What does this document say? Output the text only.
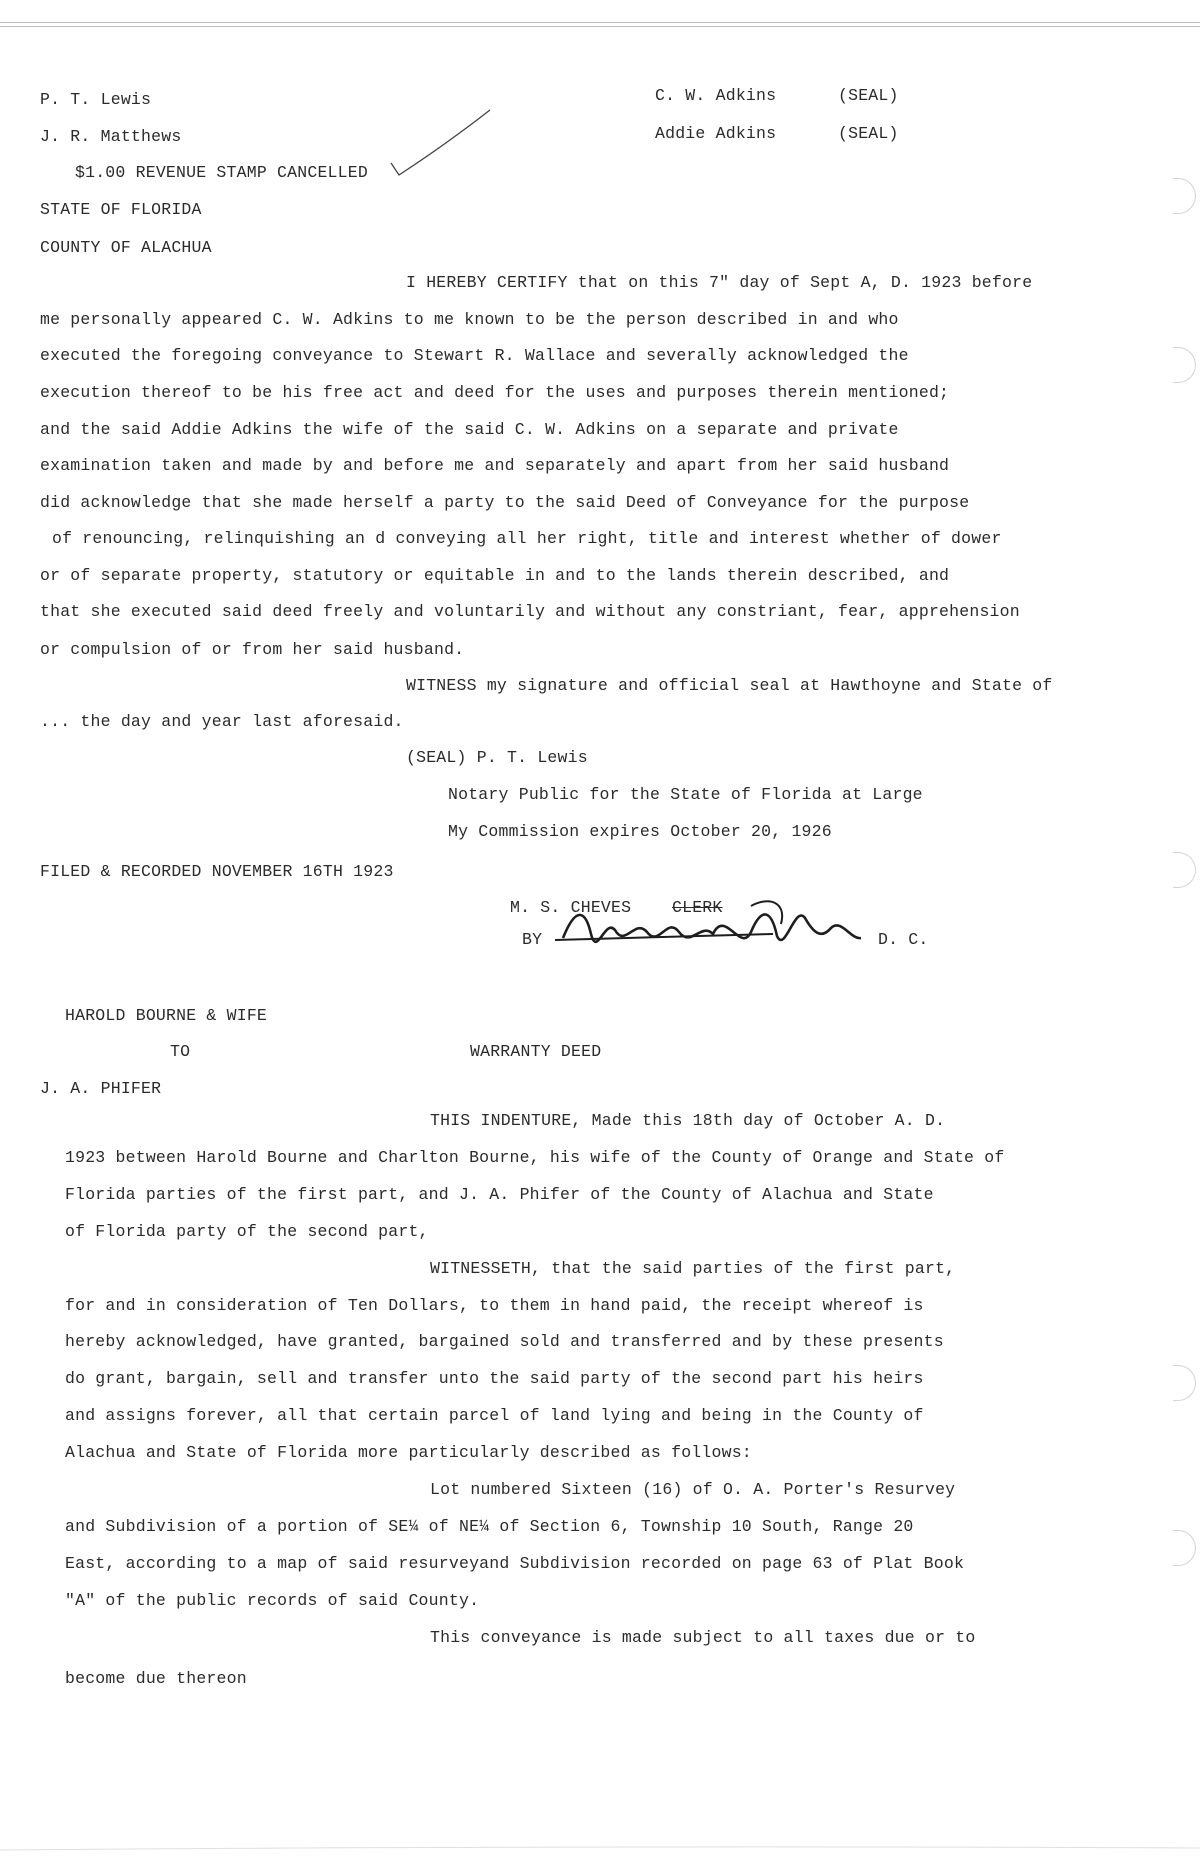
P. T. Lewis
J. R. Matthews
C. W. Adkins	(SEAL)
Addie Adkins	(SEAL)
$1.00 REVENUE STAMP CANCELLED
STATE OF FLORIDA
COUNTY OF ALACHUA
I HEREBY CERTIFY that on this 7" day of Sept A, D. 1923 before
me personally appeared C. W. Adkins to me known to be the person described in and who
executed the foregoing conveyance to Stewart R. Wallace and severally acknowledged the
execution thereof to be his free act and deed for the uses and purposes therein mentioned;
and the said Addie Adkins the wife of the said C. W. Adkins on a separate and private
examination taken and made by and before me and separately and apart from her said husband
did acknowledge that she made herself a party to the said Deed of Conveyance for the purpose
of renouncing, relinquishing an d conveying all her right, title and interest whether of dower
or of separate property, statutory or equitable in and to the lands therein described, and
that she executed said deed freely and voluntarily and without any constriant, fear, apprehension
or compulsion of or from her said husband.
WITNESS my signature and official seal at Hawthoyne and State of
... the day and year last aforesaid.
(SEAL) P. T. Lewis
Notary Public for the State of Florida at Large
My Commission expires October 20, 1926
FILED & RECORDED NOVEMBER 16TH 1923
M. S. CHEVES CLERK
BY	D. C.
HAROLD BOURNE & WIFE
TO
J. A. PHIFER
WARRANTY DEED
THIS INDENTURE, Made this 18th day of October A. D.
1923 between Harold Bourne and Charlton Bourne, his wife of the County of Orange and State of
Florida parties of the first part, and J. A. Phifer of the County of Alachua and State
of Florida party of the second part,
WITNESSETH, that the said parties of the first part,
for and in consideration of Ten Dollars, to them in hand paid, the receipt whereof is
hereby acknowledged, have granted, bargained sold and transferred and by these presents
do grant, bargain, sell and transfer unto the said party of the second part his heirs
and assigns forever, all that certain parcel of land lying and being in the County of
Alachua and State of Florida more particularly described as follows:
Lot numbered Sixteen (16) of O. A. Porter's Resurvey
and Subdivision of a portion of SE¼ of NE¼ of Section 6, Township 10 South, Range 20
East, according to a map of said resurveyand Subdivision recorded on page 63 of Plat Book
"A" of the public records of said County.
This conveyance is made subject to all taxes due or to
become due thereon
